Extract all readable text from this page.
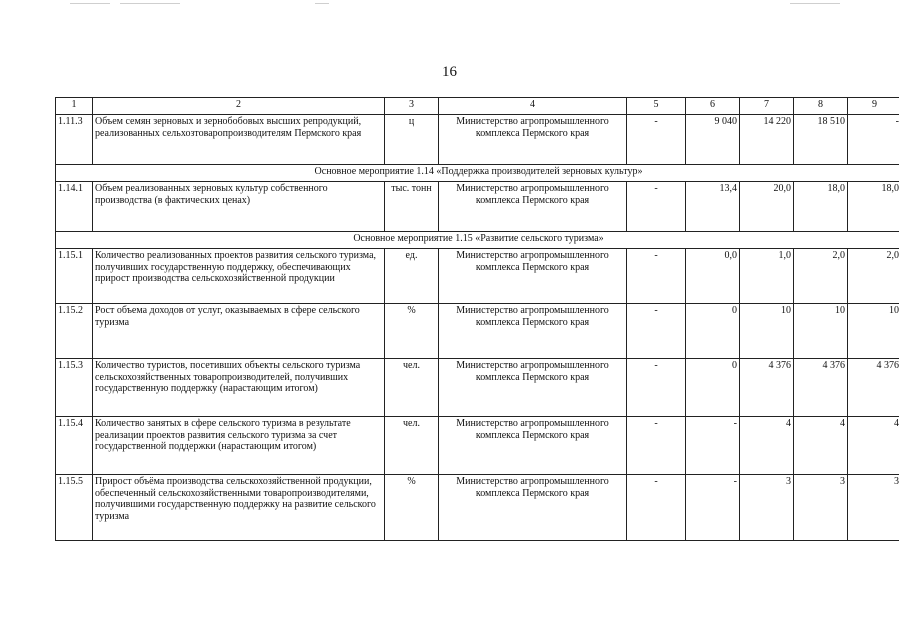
16
1	2	3	4	5	6	7	8	9
1.11.3	Объем семян зерновых и зернобобовых высших репродукций, реализованных сельхозтоваропроизводителям Пермского края	ц	Министерство агропромышленного комплекса Пермского края	-	9 040	14 220	18 510	-
Основное мероприятие 1.14 «Поддержка производителей зерновых культур»								
1.14.1	Объем реализованных зерновых культур собственного производства (в фактических ценах)	тыс. тонн	Министерство агропромышленного комплекса Пермского края	-	13,4	20,0	18,0	18,0
Основное мероприятие 1.15 «Развитие сельского туризма»								
1.15.1	Количество реализованных проектов развития сельского туризма, получивших государственную поддержку, обеспечивающих прирост производства сельскохозяйственной продукции	ед.	Министерство агропромышленного комплекса Пермского края	-	0,0	1,0	2,0	2,0
1.15.2	Рост объема доходов от услуг, оказываемых в сфере сельского туризма	%	Министерство агропромышленного комплекса Пермского края	-	0	10	10	10
1.15.3	Количество туристов, посетивших объекты сельского туризма сельскохозяйственных товаропроизводителей, получивших государственную поддержку (нарастающим итогом)	чел.	Министерство агропромышленного комплекса Пермского края	-	0	4 376	4 376	4 376
1.15.4	Количество занятых в сфере сельского туризма в результате реализации проектов развития сельского туризма за счет государственной поддержки (нарастающим итогом)	чел.	Министерство агропромышленного комплекса Пермского края	-	-	4	4	4
1.15.5	Прирост объёма производства сельскохозяйственной продукции, обеспеченный сельскохозяйственными товаропроизводителями, получившими государственную поддержку на развитие сельского туризма	%	Министерство агропромышленного комплекса Пермского края	-	-	3	3	3
